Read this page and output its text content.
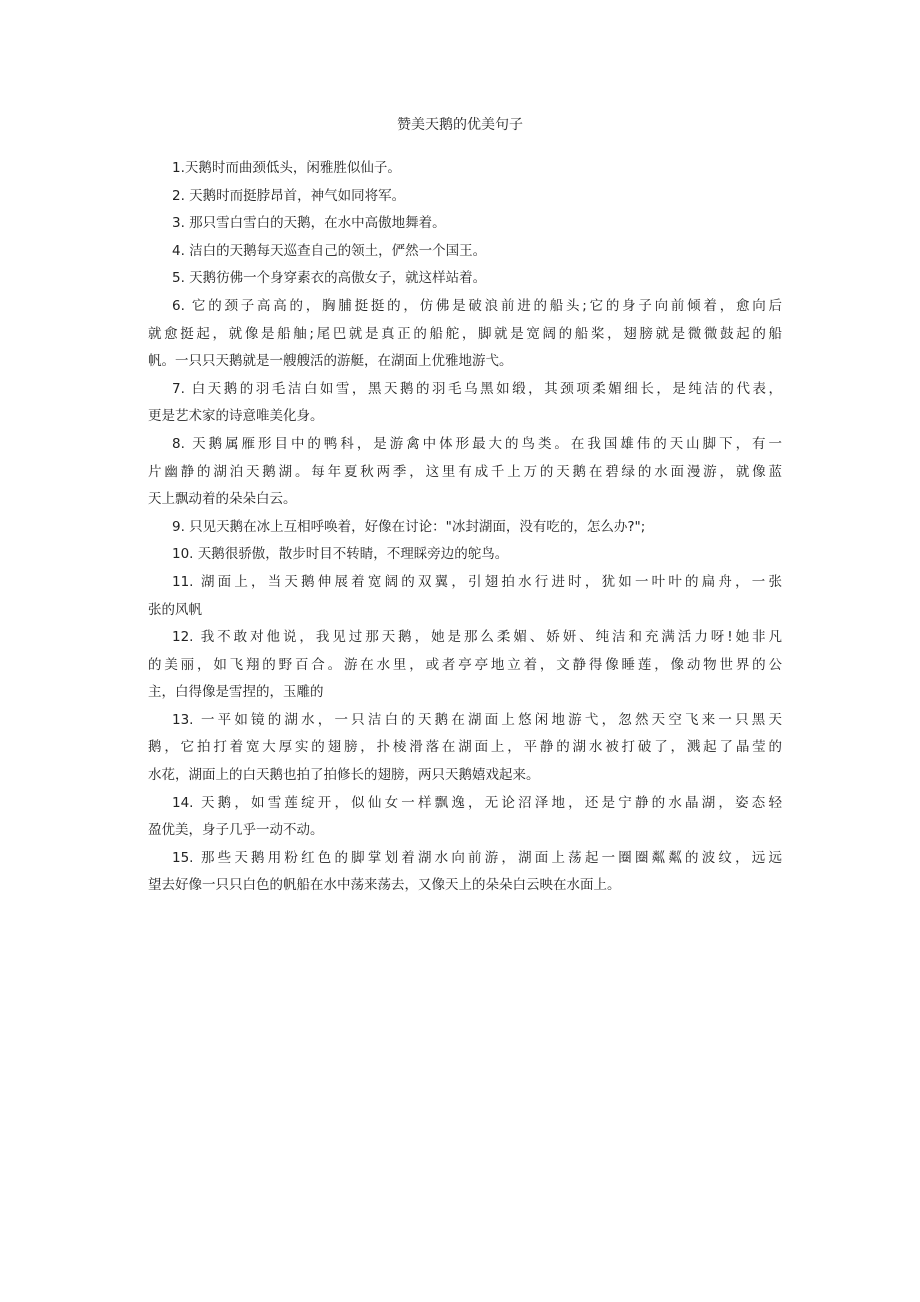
赞美天鹅的优美句子
1.天鹅时而曲颈低头，闲雅胜似仙子。
2. 天鹅时而挺脖昂首，神气如同将军。
3. 那只雪白雪白的天鹅，在水中高傲地舞着。
4. 洁白的天鹅每天巡查自己的领土，俨然一个国王。
5. 天鹅彷佛一个身穿素衣的高傲女子，就这样站着。
6. 它的颈子高高的，胸脯挺挺的，仿佛是破浪前进的船头;它的身子向前倾着，愈向后
就愈挺起，就像是船舳;尾巴就是真正的船舵，脚就是宽阔的船桨，翅膀就是微微鼓起的船
帆。一只只天鹅就是一艘艘活的游艇，在湖面上优雅地游弋。
7. 白天鹅的羽毛洁白如雪，黑天鹅的羽毛乌黑如缎，其颈项柔媚细长，是纯洁的代表，
更是艺术家的诗意唯美化身。
8. 天鹅属雁形目中的鸭科，是游禽中体形最大的鸟类。在我国雄伟的天山脚下，有一
片幽静的湖泊天鹅湖。每年夏秋两季，这里有成千上万的天鹅在碧绿的水面漫游，就像蓝
天上飘动着的朵朵白云。
9. 只见天鹅在冰上互相呼唤着，好像在讨论："冰封湖面，没有吃的，怎么办?";
10. 天鹅很骄傲，散步时目不转睛，不理睬旁边的鸵鸟。
11. 湖面上，当天鹅伸展着宽阔的双翼，引翅拍水行进时，犹如一叶叶的扁舟，一张
张的风帆
12. 我不敢对他说，我见过那天鹅，她是那么柔媚、娇妍、纯洁和充满活力呀!她非凡
的美丽，如飞翔的野百合。游在水里，或者亭亭地立着，文静得像睡莲，像动物世界的公
主，白得像是雪捏的，玉雕的
13. 一平如镜的湖水，一只洁白的天鹅在湖面上悠闲地游弋，忽然天空飞来一只黑天
鹅，它拍打着宽大厚实的翅膀，扑棱滑落在湖面上，平静的湖水被打破了，溅起了晶莹的
水花，湖面上的白天鹅也拍了拍修长的翅膀，两只天鹅嬉戏起来。
14. 天鹅，如雪莲绽开，似仙女一样飘逸，无论沼泽地，还是宁静的水晶湖，姿态轻
盈优美，身子几乎一动不动。
15. 那些天鹅用粉红色的脚掌划着湖水向前游，湖面上荡起一圈圈粼粼的波纹，远远
望去好像一只只白色的帆船在水中荡来荡去，又像天上的朵朵白云映在水面上。
